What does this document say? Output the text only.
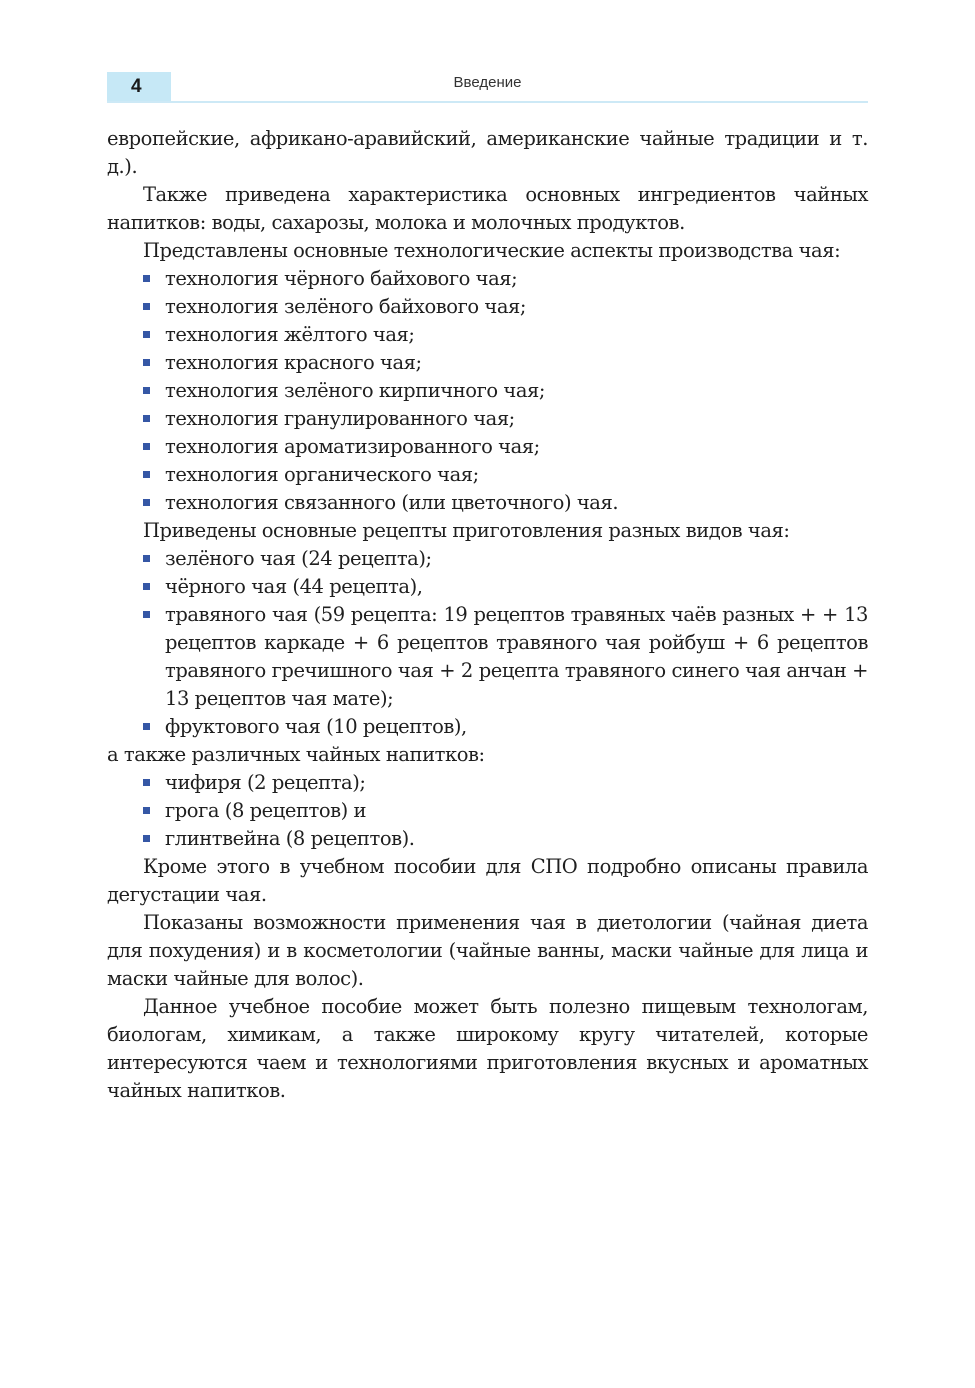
4	Введение

европейские, африкано-аравийский, американские чайные традиции и т. д.).

Также приведена характеристика основных ингредиентов чайных напитков: воды, сахарозы, молока и молочных продуктов.

Представлены основные технологические аспекты производства чая:

технология чёрного байхового чая;
технология зелёного байхового чая;
технология жёлтого чая;
технология красного чая;
технология зелёного кирпичного чая;
технология гранулированного чая;
технология ароматизированного чая;
технология органического чая;
технология связанного (или цветочного) чая.

Приведены основные рецепты приготовления разных видов чая:

зелёного чая (24 рецепта);
чёрного чая (44 рецепта),
травяного чая (59 рецепта: 19 рецептов травяных чаёв разных + + 13 рецептов каркаде + 6 рецептов травяного чая ройбуш + 6 рецептов травяного гречишного чая + 2 рецепта травяного синего чая анчан + 13 рецептов чая мате);
фруктового чая (10 рецептов),

а также различных чайных напитков:

чифиря (2 рецепта);
грога (8 рецептов) и
глинтвейна (8 рецептов).

Кроме этого в учебном пособии для СПО подробно описаны правила дегустации чая.

Показаны возможности применения чая в диетологии (чайная диета для похудения) и в косметологии (чайные ванны, маски чайные для лица и маски чайные для волос).

Данное учебное пособие может быть полезно пищевым технологам, биологам, химикам, а также широкому кругу читателей, которые интересуются чаем и технологиями приготовления вкусных и ароматных чайных напитков.
